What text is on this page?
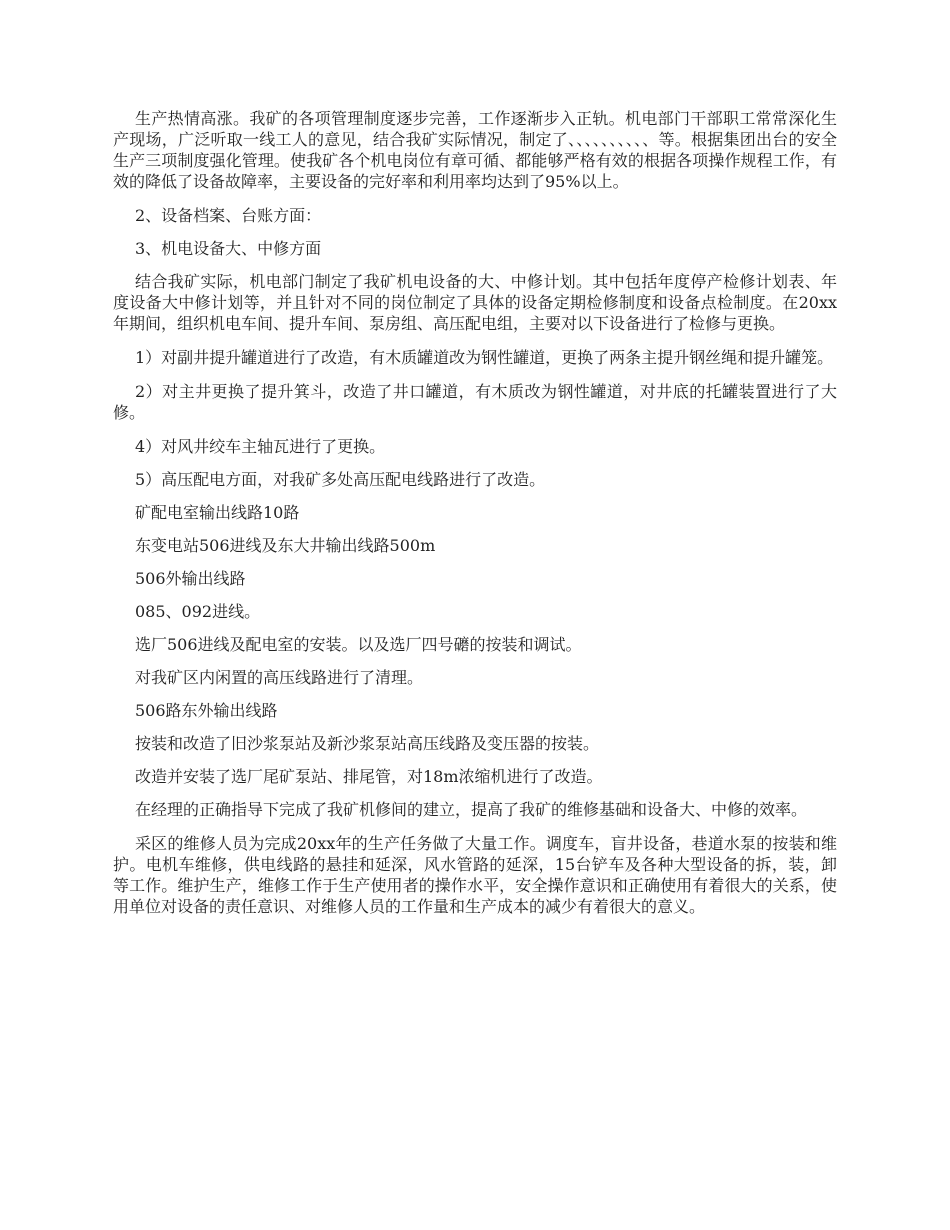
生产热情高涨。我矿的各项管理制度逐步完善，工作逐渐步入正轨。机电部门干部职工常常深化生产现场，广泛听取一线工人的意见，结合我矿实际情况，制定了、、、、、、、、、、等。根据集团出台的安全生产三项制度强化管理。使我矿各个机电岗位有章可循、都能够严格有效的根据各项操作规程工作，有效的降低了设备故障率，主要设备的完好率和利用率均达到了95%以上。

2、设备档案、台账方面：

3、机电设备大、中修方面

结合我矿实际，机电部门制定了我矿机电设备的大、中修计划。其中包括年度停产检修计划表、年度设备大中修计划等，并且针对不同的岗位制定了具体的设备定期检修制度和设备点检制度。在20xx年期间，组织机电车间、提升车间、泵房组、高压配电组，主要对以下设备进行了检修与更换。

1）对副井提升罐道进行了改造，有木质罐道改为钢性罐道，更换了两条主提升钢丝绳和提升罐笼。

2）对主井更换了提升箕斗，改造了井口罐道，有木质改为钢性罐道，对井底的托罐装置进行了大修。

4）对风井绞车主轴瓦进行了更换。

5）高压配电方面，对我矿多处高压配电线路进行了改造。

矿配电室输出线路10路

东变电站506进线及东大井输出线路500m

506外输出线路

085、092进线。

选厂506进线及配电室的安装。以及选厂四号礳的按装和调试。

对我矿区内闲置的高压线路进行了清理。

506路东外输出线路

按装和改造了旧沙浆泵站及新沙浆泵站高压线路及变压器的按装。

改造并安装了选厂尾矿泵站、排尾管，对18m浓缩机进行了改造。

在经理的正确指导下完成了我矿机修间的建立，提高了我矿的维修基础和设备大、中修的效率。

采区的维修人员为完成20xx年的生产任务做了大量工作。调度车，盲井设备，巷道水泵的按装和维护。电机车维修，供电线路的悬挂和延深，风水管路的延深，15台铲车及各种大型设备的拆，装，卸等工作。维护生产，维修工作于生产使用者的操作水平，安全操作意识和正确使用有着很大的关系，使用单位对设备的责任意识、对维修人员的工作量和生产成本的减少有着很大的意义。
